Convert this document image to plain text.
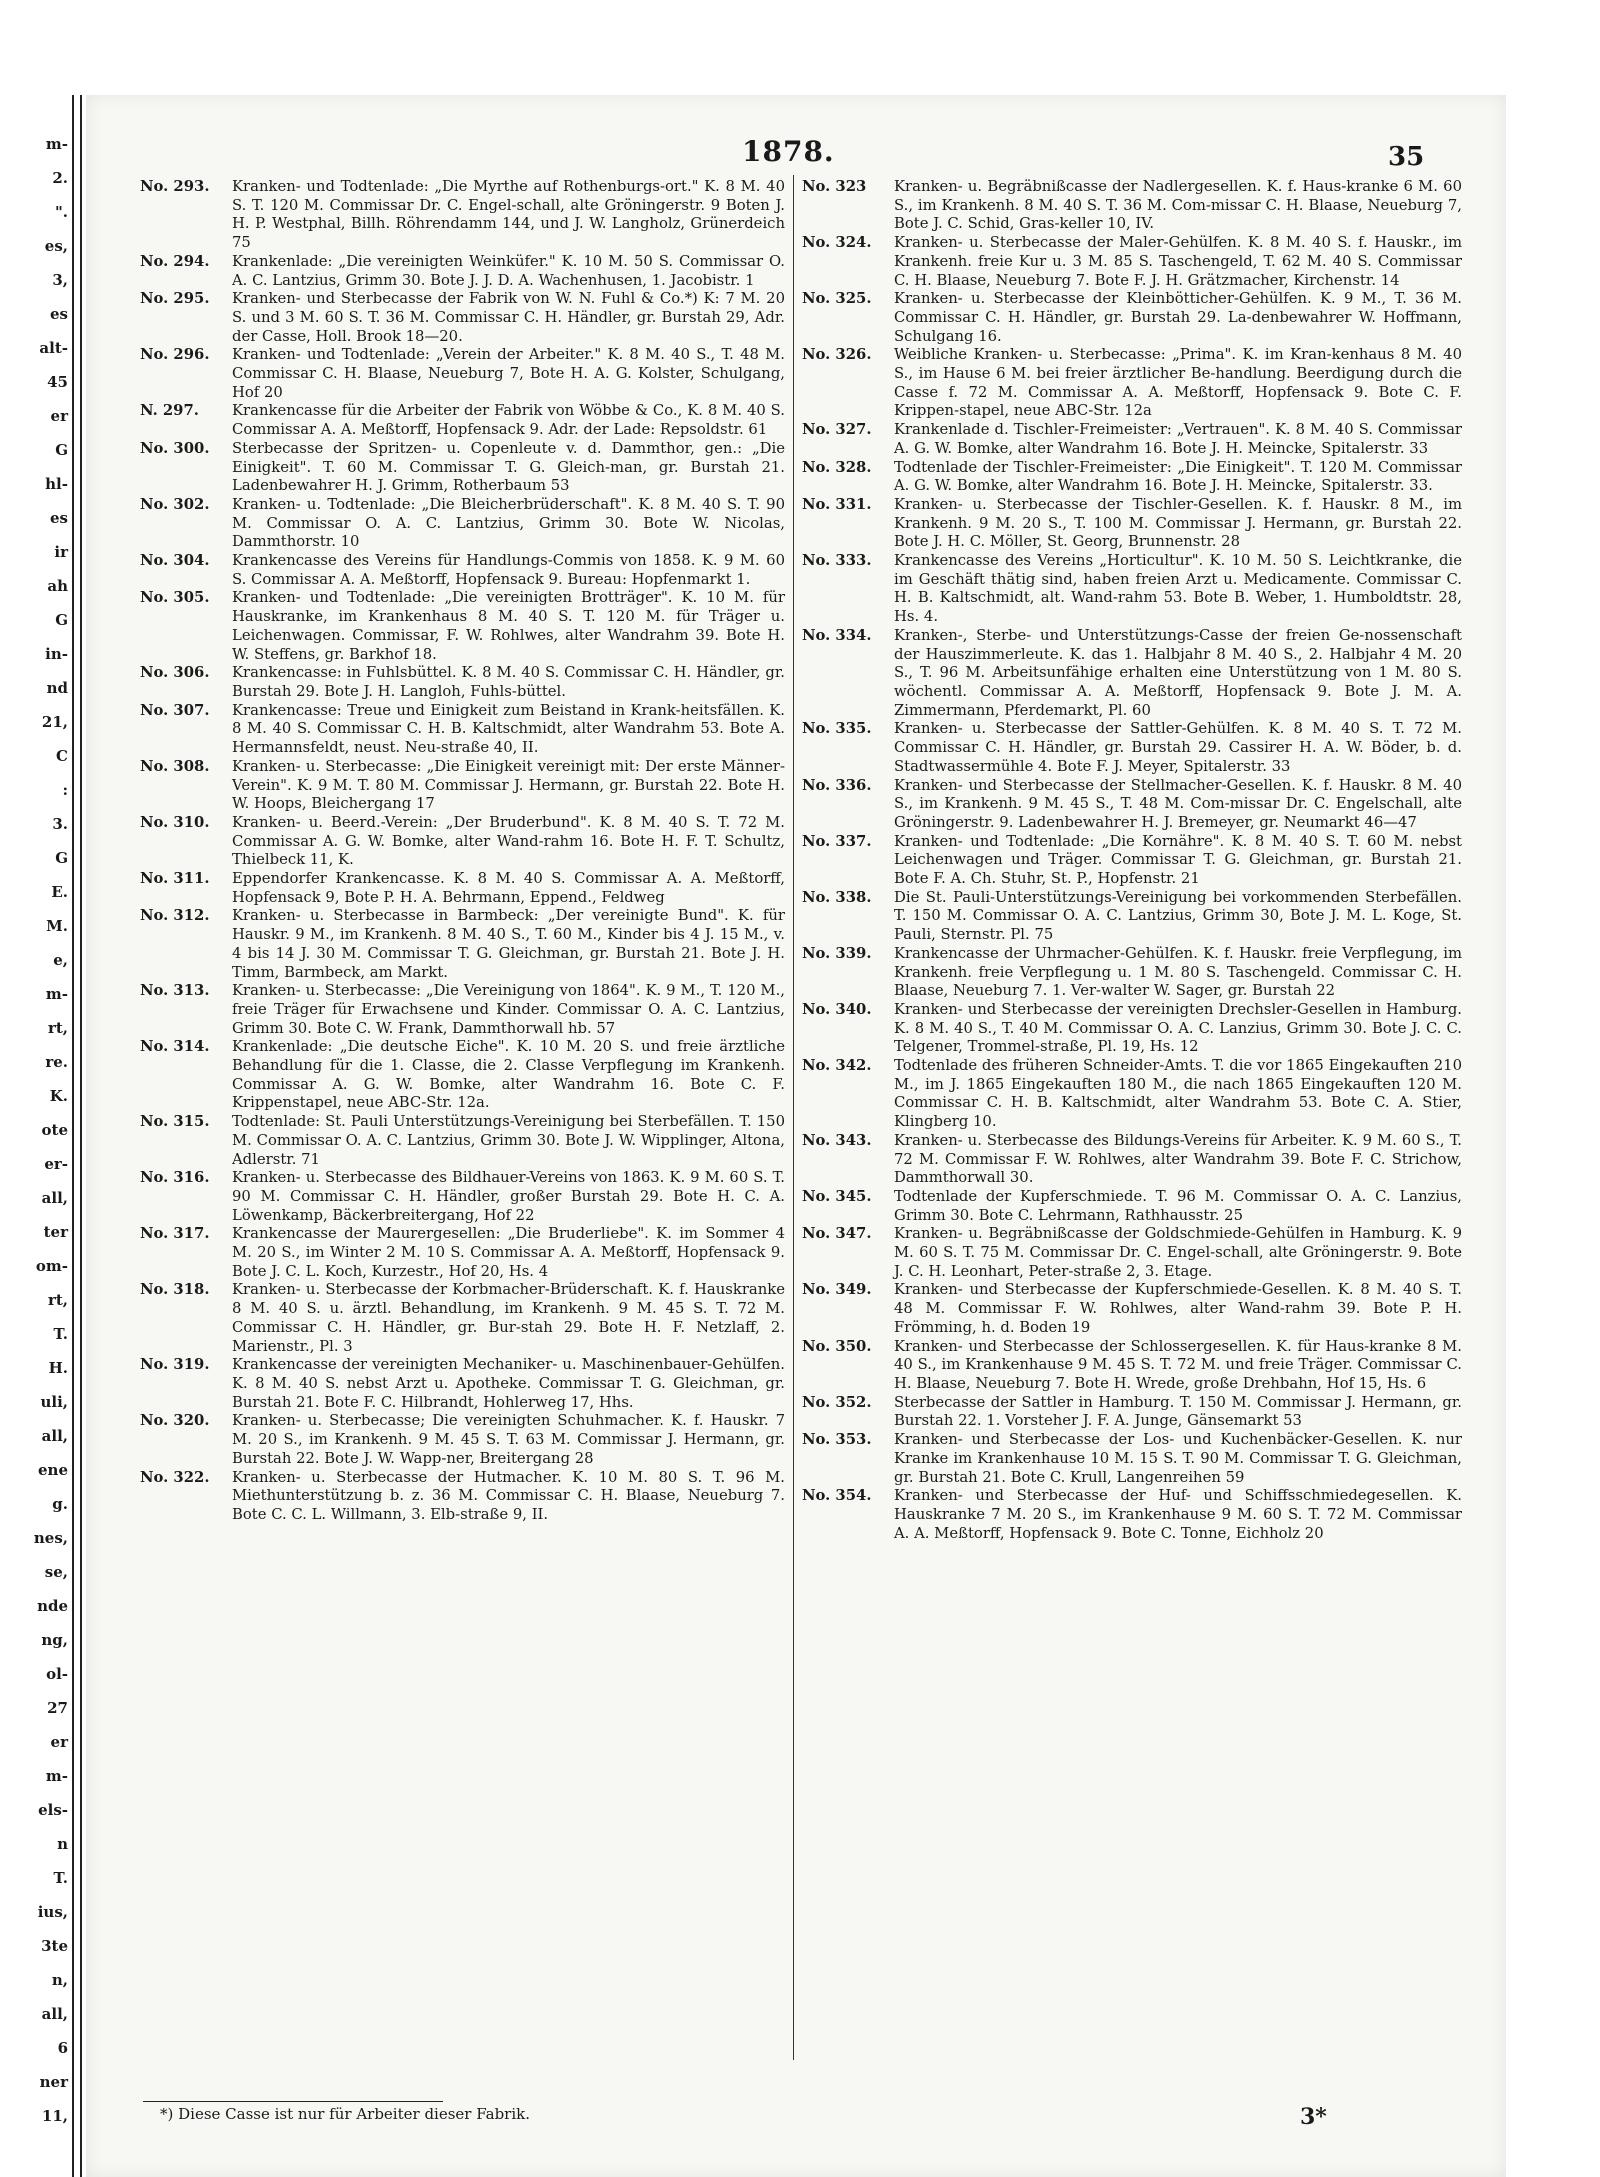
m-
2.
".
es,
3,
es
alt-
45
er
G
hl-
es
ir
ah
G
in-
nd
21,
C
:
3.
G
E.
M.
e,
m-
rt,
re.
K.
ote
er-
all,
ter
om-
rt,
T.
H.
uli,
all,
ene
g.
nes,
se,
nde
ng,
ol-
27
er
m-
els-
n
T.
ius,
3te
n,
all,
6
ner
11,
1878.	35
No. 293.	Kranken- und Todtenlade: „Die Myrthe auf Rothenburgs-ort." K. 8 M. 40 S. T. 120 M. Commissar Dr. C. Engel-schall, alte Gröningerstr. 9 Boten J. H. P. Westphal, Billh. Röhrendamm 144, und J. W. Langholz, Grünerdeich 75
No. 294.	Krankenlade: „Die vereinigten Weinküfer." K. 10 M. 50 S. Commissar O. A. C. Lantzius, Grimm 30. Bote J. J. D. A. Wachenhusen, 1. Jacobistr. 1
No. 295.	Kranken- und Sterbecasse der Fabrik von W. N. Fuhl & Co.*) K: 7 M. 20 S. und 3 M. 60 S. T. 36 M. Commissar C. H. Händler, gr. Burstah 29, Adr. der Casse, Holl. Brook 18—20.
No. 296.	Kranken- und Todtenlade: „Verein der Arbeiter." K. 8 M. 40 S., T. 48 M. Commissar C. H. Blaase, Neueburg 7, Bote H. A. G. Kolster, Schulgang, Hof 20
N. 297.	Krankencasse für die Arbeiter der Fabrik von Wöbbe & Co., K. 8 M. 40 S. Commissar A. A. Meßtorff, Hopfensack 9. Adr. der Lade: Repsoldstr. 61
No. 300.	Sterbecasse der Spritzen- u. Copenleute v. d. Dammthor, gen.: „Die Einigkeit". T. 60 M. Commissar T. G. Gleich-man, gr. Burstah 21. Ladenbewahrer H. J. Grimm, Rotherbaum 53
No. 302.	Kranken- u. Todtenlade: „Die Bleicherbrüderschaft". K. 8 M. 40 S. T. 90 M. Commissar O. A. C. Lantzius, Grimm 30. Bote W. Nicolas, Dammthorstr. 10
No. 304.	Krankencasse des Vereins für Handlungs-Commis von 1858. K. 9 M. 60 S. Commissar A. A. Meßtorff, Hopfensack 9. Bureau: Hopfenmarkt 1.
No. 305.	Kranken- und Todtenlade: „Die vereinigten Brotträger". K. 10 M. für Hauskranke, im Krankenhaus 8 M. 40 S. T. 120 M. für Träger u. Leichenwagen. Commissar, F. W. Rohlwes, alter Wandrahm 39. Bote H. W. Steffens, gr. Barkhof 18.
No. 306.	Krankencasse: in Fuhlsbüttel. K. 8 M. 40 S. Commissar C. H. Händler, gr. Burstah 29. Bote J. H. Langloh, Fuhls-büttel.
No. 307.	Krankencasse: Treue und Einigkeit zum Beistand in Krank-heitsfällen. K. 8 M. 40 S. Commissar C. H. B. Kaltschmidt, alter Wandrahm 53. Bote A. Hermannsfeldt, neust. Neu-straße 40, II.
No. 308.	Kranken- u. Sterbecasse: „Die Einigkeit vereinigt mit: Der erste Männer-Verein". K. 9 M. T. 80 M. Commissar J. Hermann, gr. Burstah 22. Bote H. W. Hoops, Bleichergang 17
No. 310.	Kranken- u. Beerd.-Verein: „Der Bruderbund". K. 8 M. 40 S. T. 72 M. Commissar A. G. W. Bomke, alter Wand-rahm 16. Bote H. F. T. Schultz, Thielbeck 11, K.
No. 311.	Eppendorfer Krankencasse. K. 8 M. 40 S. Commissar A. A. Meßtorff, Hopfensack 9, Bote P. H. A. Behrmann, Eppend., Feldweg
No. 312.	Kranken- u. Sterbecasse in Barmbeck: „Der vereinigte Bund". K. für Hauskr. 9 M., im Krankenh. 8 M. 40 S., T. 60 M., Kinder bis 4 J. 15 M., v. 4 bis 14 J. 30 M. Commissar T. G. Gleichman, gr. Burstah 21. Bote J. H. Timm, Barmbeck, am Markt.
No. 313.	Kranken- u. Sterbecasse: „Die Vereinigung von 1864". K. 9 M., T. 120 M., freie Träger für Erwachsene und Kinder. Commissar O. A. C. Lantzius, Grimm 30. Bote C. W. Frank, Dammthorwall hb. 57
No. 314.	Krankenlade: „Die deutsche Eiche". K. 10 M. 20 S. und freie ärztliche Behandlung für die 1. Classe, die 2. Classe Verpflegung im Krankenh. Commissar A. G. W. Bomke, alter Wandrahm 16. Bote C. F. Krippenstapel, neue ABC-Str. 12a.
No. 315.	Todtenlade: St. Pauli Unterstützungs-Vereinigung bei Sterbefällen. T. 150 M. Commissar O. A. C. Lantzius, Grimm 30. Bote J. W. Wipplinger, Altona, Adlerstr. 71
No. 316.	Kranken- u. Sterbecasse des Bildhauer-Vereins von 1863. K. 9 M. 60 S. T. 90 M. Commissar C. H. Händler, großer Burstah 29. Bote H. C. A. Löwenkamp, Bäckerbreitergang, Hof 22
No. 317.	Krankencasse der Maurergesellen: „Die Bruderliebe". K. im Sommer 4 M. 20 S., im Winter 2 M. 10 S. Commissar A. A. Meßtorff, Hopfensack 9. Bote J. C. L. Koch, Kurzestr., Hof 20, Hs. 4
No. 318.	Kranken- u. Sterbecasse der Korbmacher-Brüderschaft. K. f. Hauskranke 8 M. 40 S. u. ärztl. Behandlung, im Krankenh. 9 M. 45 S. T. 72 M. Commissar C. H. Händler, gr. Bur-stah 29. Bote H. F. Netzlaff, 2. Marienstr., Pl. 3
No. 319.	Krankencasse der vereinigten Mechaniker- u. Maschinenbauer-Gehülfen. K. 8 M. 40 S. nebst Arzt u. Apotheke. Commissar T. G. Gleichman, gr. Burstah 21. Bote F. C. Hilbrandt, Hohlerweg 17, Hhs.
No. 320.	Kranken- u. Sterbecasse; Die vereinigten Schuhmacher. K. f. Hauskr. 7 M. 20 S., im Krankenh. 9 M. 45 S. T. 63 M. Commissar J. Hermann, gr. Burstah 22. Bote J. W. Wapp-ner, Breitergang 28
No. 322.	Kranken- u. Sterbecasse der Hutmacher. K. 10 M. 80 S. T. 96 M. Miethunterstützung b. z. 36 M. Commissar C. H. Blaase, Neueburg 7. Bote C. C. L. Willmann, 3. Elb-straße 9, II.
No. 323	Kranken- u. Begräbnißcasse der Nadlergesellen. K. f. Haus-kranke 6 M. 60 S., im Krankenh. 8 M. 40 S. T. 36 M. Com-missar C. H. Blaase, Neueburg 7, Bote J. C. Schid, Gras-keller 10, IV.
No. 324.	Kranken- u. Sterbecasse der Maler-Gehülfen. K. 8 M. 40 S. f. Hauskr., im Krankenh. freie Kur u. 3 M. 85 S. Taschengeld, T. 62 M. 40 S. Commissar C. H. Blaase, Neueburg 7. Bote F. J. H. Grätzmacher, Kirchenstr. 14
No. 325.	Kranken- u. Sterbecasse der Kleinbötticher-Gehülfen. K. 9 M., T. 36 M. Commissar C. H. Händler, gr. Burstah 29. La-denbewahrer W. Hoffmann, Schulgang 16.
No. 326.	Weibliche Kranken- u. Sterbecasse: „Prima". K. im Kran-kenhaus 8 M. 40 S., im Hause 6 M. bei freier ärztlicher Be-handlung. Beerdigung durch die Casse f. 72 M. Commissar A. A. Meßtorff, Hopfensack 9. Bote C. F. Krippen-stapel, neue ABC-Str. 12a
No. 327.	Krankenlade d. Tischler-Freimeister: „Vertrauen". K. 8 M. 40 S. Commissar A. G. W. Bomke, alter Wandrahm 16. Bote J. H. Meincke, Spitalerstr. 33
No. 328.	Todtenlade der Tischler-Freimeister: „Die Einigkeit". T. 120 M. Commissar A. G. W. Bomke, alter Wandrahm 16. Bote J. H. Meincke, Spitalerstr. 33.
No. 331.	Kranken- u. Sterbecasse der Tischler-Gesellen. K. f. Hauskr. 8 M., im Krankenh. 9 M. 20 S., T. 100 M. Commissar J. Hermann, gr. Burstah 22. Bote J. H. C. Möller, St. Georg, Brunnenstr. 28
No. 333.	Krankencasse des Vereins „Horticultur". K. 10 M. 50 S. Leichtkranke, die im Geschäft thätig sind, haben freien Arzt u. Medicamente. Commissar C. H. B. Kaltschmidt, alt. Wand-rahm 53. Bote B. Weber, 1. Humboldtstr. 28, Hs. 4.
No. 334.	Kranken-, Sterbe- und Unterstützungs-Casse der freien Ge-nossenschaft der Hauszimmerleute. K. das 1. Halbjahr 8 M. 40 S., 2. Halbjahr 4 M. 20 S., T. 96 M. Arbeitsunfähige erhalten eine Unterstützung von 1 M. 80 S. wöchentl. Commissar A. A. Meßtorff, Hopfensack 9. Bote J. M. A. Zimmermann, Pferdemarkt, Pl. 60
No. 335.	Kranken- u. Sterbecasse der Sattler-Gehülfen. K. 8 M. 40 S. T. 72 M. Commissar C. H. Händler, gr. Burstah 29. Cassirer H. A. W. Böder, b. d. Stadtwassermühle 4. Bote F. J. Meyer, Spitalerstr. 33
No. 336.	Kranken- und Sterbecasse der Stellmacher-Gesellen. K. f. Hauskr. 8 M. 40 S., im Krankenh. 9 M. 45 S., T. 48 M. Com-missar Dr. C. Engelschall, alte Gröningerstr. 9. Ladenbewahrer H. J. Bremeyer, gr. Neumarkt 46—47
No. 337.	Kranken- und Todtenlade: „Die Kornähre". K. 8 M. 40 S. T. 60 M. nebst Leichenwagen und Träger. Commissar T. G. Gleichman, gr. Burstah 21. Bote F. A. Ch. Stuhr, St. P., Hopfenstr. 21
No. 338.	Die St. Pauli-Unterstützungs-Vereinigung bei vorkommenden Sterbefällen. T. 150 M. Commissar O. A. C. Lantzius, Grimm 30, Bote J. M. L. Koge, St. Pauli, Sternstr. Pl. 75
No. 339.	Krankencasse der Uhrmacher-Gehülfen. K. f. Hauskr. freie Verpflegung, im Krankenh. freie Verpflegung u. 1 M. 80 S. Taschengeld. Commissar C. H. Blaase, Neueburg 7. 1. Ver-walter W. Sager, gr. Burstah 22
No. 340.	Kranken- und Sterbecasse der vereinigten Drechsler-Gesellen in Hamburg. K. 8 M. 40 S., T. 40 M. Commissar O. A. C. Lanzius, Grimm 30. Bote J. C. C. Telgener, Trommel-straße, Pl. 19, Hs. 12
No. 342.	Todtenlade des früheren Schneider-Amts. T. die vor 1865 Eingekauften 210 M., im J. 1865 Eingekauften 180 M., die nach 1865 Eingekauften 120 M. Commissar C. H. B. Kaltschmidt, alter Wandrahm 53. Bote C. A. Stier, Klingberg 10.
No. 343.	Kranken- u. Sterbecasse des Bildungs-Vereins für Arbeiter. K. 9 M. 60 S., T. 72 M. Commissar F. W. Rohlwes, alter Wandrahm 39. Bote F. C. Strichow, Dammthorwall 30.
No. 345.	Todtenlade der Kupferschmiede. T. 96 M. Commissar O. A. C. Lanzius, Grimm 30. Bote C. Lehrmann, Rathhausstr. 25
No. 347.	Kranken- u. Begräbnißcasse der Goldschmiede-Gehülfen in Hamburg. K. 9 M. 60 S. T. 75 M. Commissar Dr. C. Engel-schall, alte Gröningerstr. 9. Bote J. C. H. Leonhart, Peter-straße 2, 3. Etage.
No. 349.	Kranken- und Sterbecasse der Kupferschmiede-Gesellen. K. 8 M. 40 S. T. 48 M. Commissar F. W. Rohlwes, alter Wand-rahm 39. Bote P. H. Frömming, h. d. Boden 19
No. 350.	Kranken- und Sterbecasse der Schlossergesellen. K. für Haus-kranke 8 M. 40 S., im Krankenhause 9 M. 45 S. T. 72 M. und freie Träger. Commissar C. H. Blaase, Neueburg 7. Bote H. Wrede, große Drehbahn, Hof 15, Hs. 6
No. 352.	Sterbecasse der Sattler in Hamburg. T. 150 M. Commissar J. Hermann, gr. Burstah 22. 1. Vorsteher J. F. A. Junge, Gänsemarkt 53
No. 353.	Kranken- und Sterbecasse der Los- und Kuchenbäcker-Gesellen. K. nur Kranke im Krankenhause 10 M. 15 S. T. 90 M. Commissar T. G. Gleichman, gr. Burstah 21. Bote C. Krull, Langenreihen 59
No. 354.	Kranken- und Sterbecasse der Huf- und Schiffsschmiedegesellen. K. Hauskranke 7 M. 20 S., im Krankenhause 9 M. 60 S. T. 72 M. Commissar A. A. Meßtorff, Hopfensack 9. Bote C. Tonne, Eichholz 20
*) Diese Casse ist nur für Arbeiter dieser Fabrik.	3*
